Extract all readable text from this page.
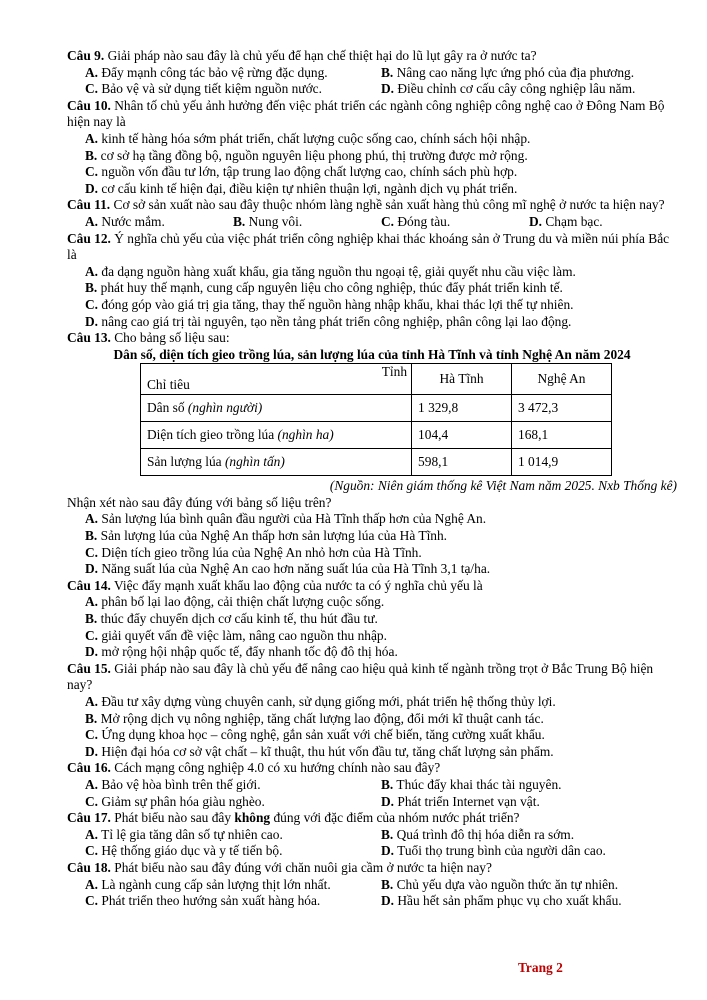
Câu 9. Giải pháp nào sau đây là chủ yếu để hạn chế thiệt hại do lũ lụt gây ra ở nước ta?
A. Đẩy mạnh công tác bảo vệ rừng đặc dụng.	B. Nâng cao năng lực ứng phó của địa phương.
C. Bảo vệ và sử dụng tiết kiệm nguồn nước.	D. Điều chỉnh cơ cấu cây công nghiệp lâu năm.
Câu 10. Nhân tố chủ yếu ảnh hưởng đến việc phát triển các ngành công nghiệp công nghệ cao ở Đông Nam Bộ hiện nay là
A. kinh tế hàng hóa sớm phát triển, chất lượng cuộc sống cao, chính sách hội nhập.
B. cơ sở hạ tầng đồng bộ, nguồn nguyên liệu phong phú, thị trường được mở rộng.
C. nguồn vốn đầu tư lớn, tập trung lao động chất lượng cao, chính sách phù hợp.
D. cơ cấu kinh tế hiện đại, điều kiện tự nhiên thuận lợi, ngành dịch vụ phát triển.
Câu 11. Cơ sở sản xuất nào sau đây thuộc nhóm làng nghề sản xuất hàng thủ công mĩ nghệ ở nước ta hiện nay?
A. Nước mắm.	B. Nung vôi.	C. Đóng tàu.	D. Chạm bạc.
Câu 12. Ý nghĩa chủ yếu của việc phát triển công nghiệp khai thác khoáng sản ở Trung du và miền núi phía Bắc là
A. đa dạng nguồn hàng xuất khẩu, gia tăng nguồn thu ngoại tệ, giải quyết nhu cầu việc làm.
B. phát huy thế mạnh, cung cấp nguyên liệu cho công nghiệp, thúc đẩy phát triển kinh tế.
C. đóng góp vào giá trị gia tăng, thay thế nguồn hàng nhập khẩu, khai thác lợi thế tự nhiên.
D. nâng cao giá trị tài nguyên, tạo nền tảng phát triển công nghiệp, phân công lại lao động.
Câu 13. Cho bảng số liệu sau:
Dân số, diện tích gieo trồng lúa, sản lượng lúa của tỉnh Hà Tĩnh và tỉnh Nghệ An năm 2024
Tỉnh
Chỉ tiêu	Hà Tĩnh	Nghệ An
Dân số (nghìn người)	1 329,8	3 472,3
Diện tích gieo trồng lúa (nghìn ha)	104,4	168,1
Sản lượng lúa (nghìn tấn)	598,1	1 014,9
(Nguồn: Niên giám thống kê Việt Nam năm 2025. Nxb Thống kê)
Nhận xét nào sau đây đúng với bảng số liệu trên?
A. Sản lượng lúa bình quân đầu người của Hà Tĩnh thấp hơn của Nghệ An.
B. Sản lượng lúa của Nghệ An thấp hơn sản lượng lúa của Hà Tĩnh.
C. Diện tích gieo trồng lúa của Nghệ An nhỏ hơn của Hà Tĩnh.
D. Năng suất lúa của Nghệ An cao hơn năng suất lúa của Hà Tĩnh 3,1 tạ/ha.
Câu 14. Việc đẩy mạnh xuất khẩu lao động của nước ta có ý nghĩa chủ yếu là
A. phân bố lại lao động, cải thiện chất lượng cuộc sống.
B. thúc đẩy chuyển dịch cơ cấu kinh tế, thu hút đầu tư.
C. giải quyết vấn đề việc làm, nâng cao nguồn thu nhập.
D. mở rộng hội nhập quốc tế, đẩy nhanh tốc độ đô thị hóa.
Câu 15. Giải pháp nào sau đây là chủ yếu để nâng cao hiệu quả kinh tế ngành trồng trọt ở Bắc Trung Bộ hiện nay?
A. Đầu tư xây dựng vùng chuyên canh, sử dụng giống mới, phát triển hệ thống thủy lợi.
B. Mở rộng dịch vụ nông nghiệp, tăng chất lượng lao động, đổi mới kĩ thuật canh tác.
C. Ứng dụng khoa học – công nghệ, gắn sản xuất với chế biến, tăng cường xuất khẩu.
D. Hiện đại hóa cơ sở vật chất – kĩ thuật, thu hút vốn đầu tư, tăng chất lượng sản phẩm.
Câu 16. Cách mạng công nghiệp 4.0 có xu hướng chính nào sau đây?
A. Bảo vệ hòa bình trên thế giới.	B. Thúc đẩy khai thác tài nguyên.
C. Giảm sự phân hóa giàu nghèo.	D. Phát triển Internet vạn vật.
Câu 17. Phát biểu nào sau đây không đúng với đặc điểm của nhóm nước phát triển?
A. Tỉ lệ gia tăng dân số tự nhiên cao.	B. Quá trình đô thị hóa diễn ra sớm.
C. Hệ thống giáo dục và y tế tiến bộ.	D. Tuổi thọ trung bình của người dân cao.
Câu 18. Phát biểu nào sau đây đúng với chăn nuôi gia cầm ở nước ta hiện nay?
A. Là ngành cung cấp sản lượng thịt lớn nhất.	B. Chủ yếu dựa vào nguồn thức ăn tự nhiên.
C. Phát triển theo hướng sản xuất hàng hóa.	D. Hầu hết sản phẩm phục vụ cho xuất khẩu.
Trang 2
